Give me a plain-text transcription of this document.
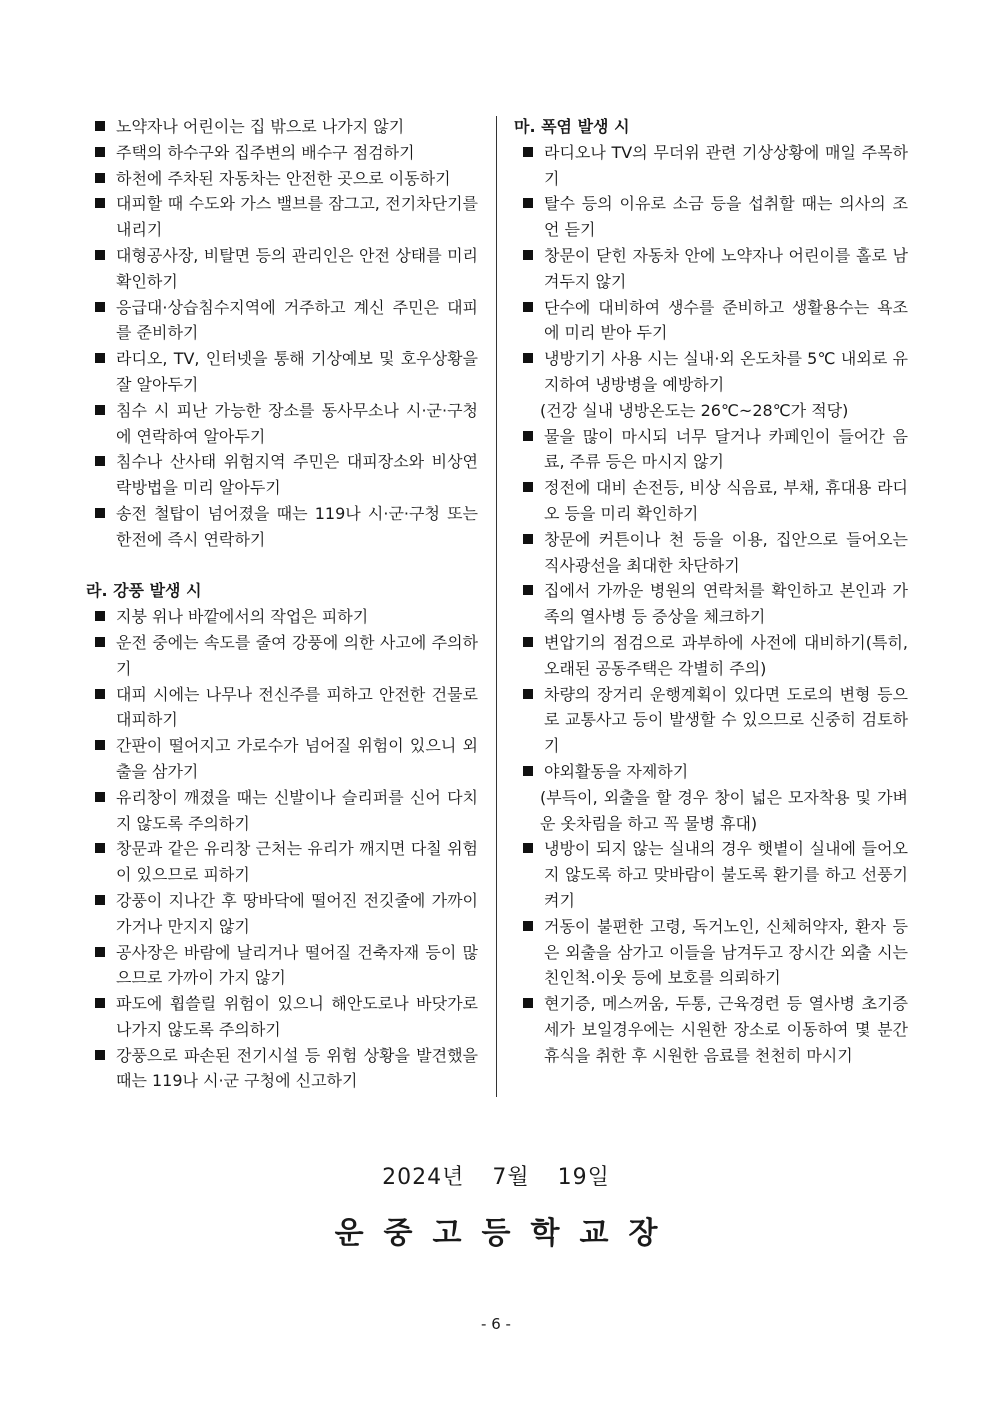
노약자나 어린이는 집 밖으로 나가지 않기
주택의 하수구와 집주변의 배수구 점검하기
하천에 주차된 자동차는 안전한 곳으로 이동하기
대피할 때 수도와 가스 밸브를 잠그고, 전기차단기를 내리기
대형공사장, 비탈면 등의 관리인은 안전 상태를 미리 확인하기
응급대·상습침수지역에 거주하고 계신 주민은 대피를 준비하기
라디오, TV, 인터넷을 통해 기상예보 및 호우상황을 잘 알아두기
침수 시 피난 가능한 장소를 동사무소나 시·군·구청에 연락하여 알아두기
침수나 산사태 위험지역 주민은 대피장소와 비상연락방법을 미리 알아두기
송전 철탑이 넘어졌을 때는 119나 시·군·구청 또는 한전에 즉시 연락하기
라. 강풍 발생 시
지붕 위나 바깥에서의 작업은 피하기
운전 중에는 속도를 줄여 강풍에 의한 사고에 주의하기
대피 시에는 나무나 전신주를 피하고 안전한 건물로 대피하기
간판이 떨어지고 가로수가 넘어질 위험이 있으니 외출을 삼가기
유리창이 깨졌을 때는 신발이나 슬리퍼를 신어 다치지 않도록 주의하기
창문과 같은 유리창 근처는 유리가 깨지면 다칠 위험이 있으므로 피하기
강풍이 지나간 후 땅바닥에 떨어진 전깃줄에 가까이 가거나 만지지 않기
공사장은 바람에 날리거나 떨어질 건축자재 등이 많으므로 가까이 가지 않기
파도에 휩쓸릴 위험이 있으니 해안도로나 바닷가로 나가지 않도록 주의하기
강풍으로 파손된 전기시설 등 위험 상황을 발견했을 때는 119나 시·군 구청에 신고하기
마. 폭염 발생 시
라디오나 TV의 무더위 관련 기상상황에 매일 주목하기
탈수 등의 이유로 소금 등을 섭취할 때는 의사의 조언 듣기
창문이 닫힌 자동차 안에 노약자나 어린이를 홀로 남겨두지 않기
단수에 대비하여 생수를 준비하고 생활용수는 욕조에 미리 받아 두기
냉방기기 사용 시는 실내·외 온도차를 5℃ 내외로 유지하여 냉방병을 예방하기
(건강 실내 냉방온도는 26℃~28℃가 적당)
물을 많이 마시되 너무 달거나 카페인이 들어간 음료, 주류 등은 마시지 않기
정전에 대비 손전등, 비상 식음료, 부채, 휴대용 라디오 등을 미리 확인하기
창문에 커튼이나 천 등을 이용, 집안으로 들어오는 직사광선을 최대한 차단하기
집에서 가까운 병원의 연락처를 확인하고 본인과 가족의 열사병 등 증상을 체크하기
변압기의 점검으로 과부하에 사전에 대비하기(특히, 오래된 공동주택은 각별히 주의)
차량의 장거리 운행계획이 있다면 도로의 변형 등으로 교통사고 등이 발생할 수 있으므로 신중히 검토하기
야외활동을 자제하기
(부득이, 외출을 할 경우 창이 넓은 모자착용 및 가벼운 옷차림을 하고 꼭 물병 휴대)
냉방이 되지 않는 실내의 경우 햇볕이 실내에 들어오지 않도록 하고 맞바람이 불도록 환기를 하고 선풍기 켜기
거동이 불편한 고령, 독거노인, 신체허약자, 환자 등은 외출을 삼가고 이들을 남겨두고 장시간 외출 시는 친인척.이웃 등에 보호를 의뢰하기
현기증, 메스꺼움, 두통, 근육경련 등 열사병 초기증세가 보일경우에는 시원한 장소로 이동하여 몇 분간 휴식을 취한 후 시원한 음료를 천천히 마시기
2024년 7월 19일
운중고등학교장
- 6 -
